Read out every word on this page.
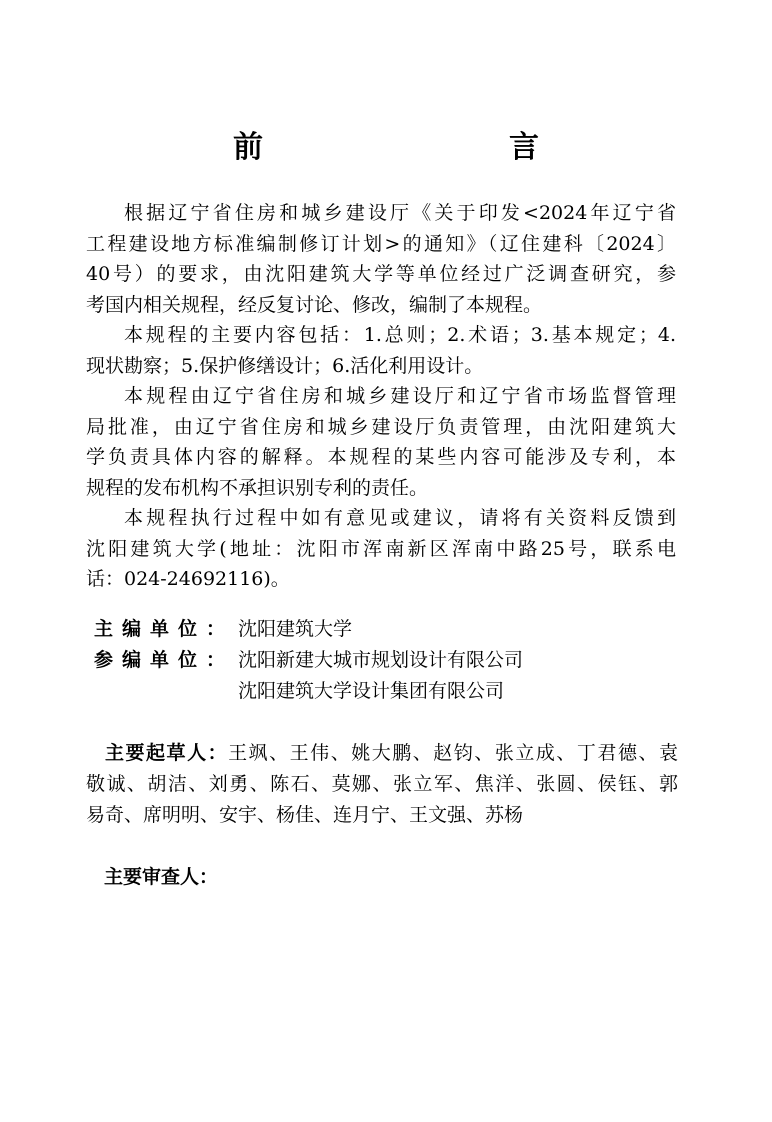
前　　言

根据辽宁省住房和城乡建设厅《关于印发<2024年辽宁省
工程建设地方标准编制修订计划>的通知》（辽住建科〔2024〕
40号）的要求，由沈阳建筑大学等单位经过广泛调查研究，参
考国内相关规程，经反复讨论、修改，编制了本规程。

本规程的主要内容包括：1.总则；2.术语；3.基本规定；4.
现状勘察；5.保护修缮设计；6.活化利用设计。

本规程由辽宁省住房和城乡建设厅和辽宁省市场监督管理
局批准，由辽宁省住房和城乡建设厅负责管理，由沈阳建筑大
学负责具体内容的解释。本规程的某些内容可能涉及专利，本
规程的发布机构不承担识别专利的责任。

本规程执行过程中如有意见或建议，请将有关资料反馈到
沈阳建筑大学(地址：沈阳市浑南新区浑南中路25号，联系电
话：024-24692116)。

主编单位： 沈阳建筑大学
参编单位： 沈阳新建大城市规划设计有限公司
沈阳建筑大学设计集团有限公司
主要起草人：王飒、王伟、姚大鹏、赵钧、张立成、丁君德、袁
敬诚、胡洁、刘勇、陈石、莫娜、张立军、焦洋、张圆、侯钰、郭
易奇、席明明、安宇、杨佳、连月宁、王文强、苏杨
主要审查人：
